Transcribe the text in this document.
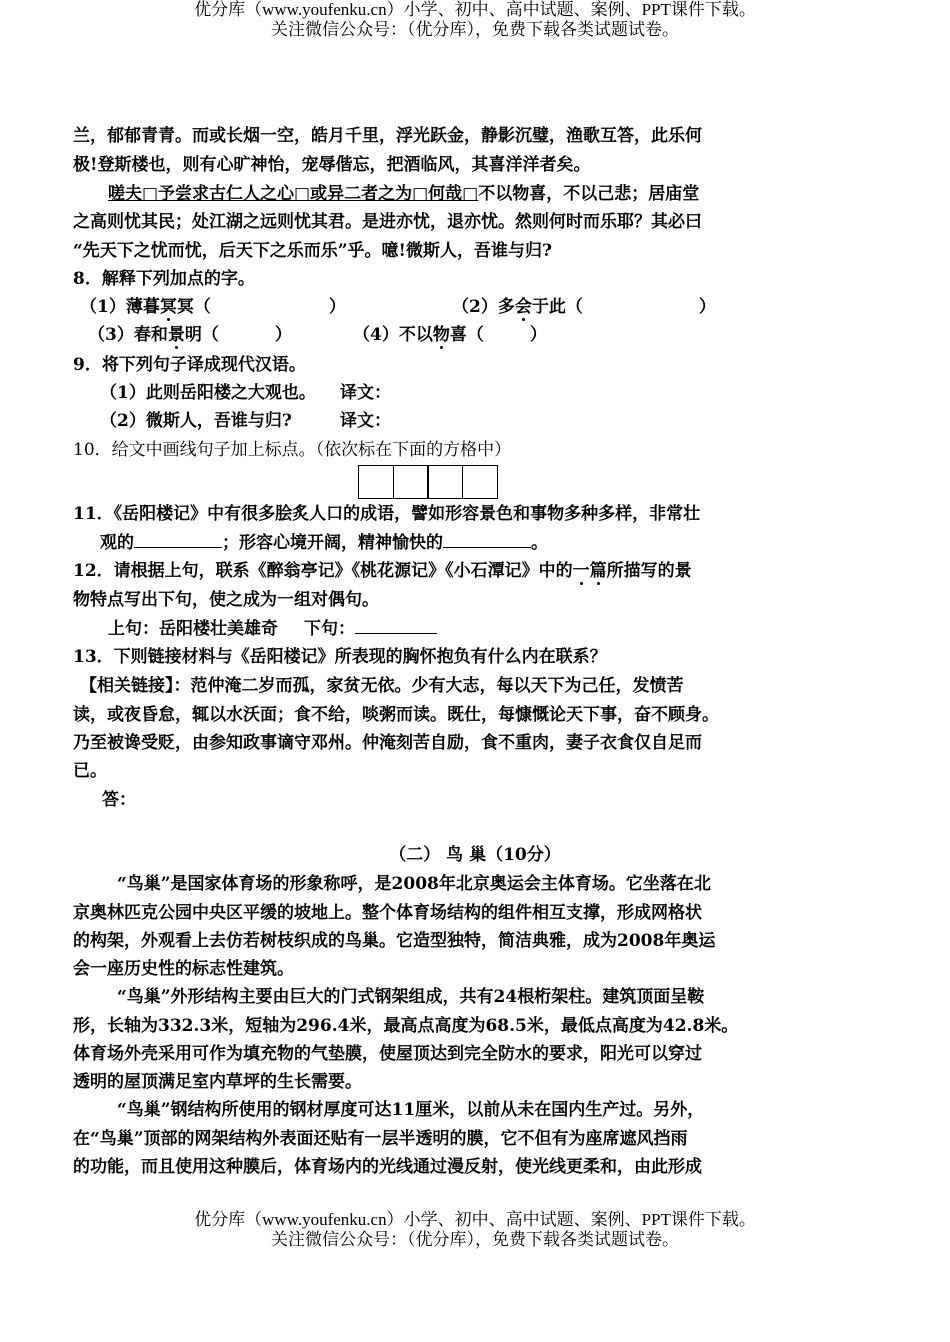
优分库（www.youfenku.cn）小学、初中、高中试题、案例、PPT课件下载。
关注微信公众号：（优分库），免费下载各类试题试卷。
兰，郁郁青青。而或长烟一空，皓月千里，浮光跃金，静影沉璧，渔歌互答，此乐何
极!登斯楼也，则有心旷神怡，宠辱偕忘，把酒临风，其喜洋洋者矣。
嗟夫□予尝求古仁人之心□或异二者之为□何哉□不以物喜，不以己悲；居庙堂
之高则忧其民；处江湖之远则忧其君。是进亦忧，退亦忧。然则何时而乐耶？其必曰
“先天下之忧而忧，后天下之乐而乐”乎。噫!微斯人，吾谁与归?
8．解释下列加点的字。
（1）薄暮冥冥（	）	（2）多会于此（	）
（3）春和景明（	）	（4）不以物喜（	）
9．将下列句子译成现代汉语。
（1）此则岳阳楼之大观也。 译文：
（2）微斯人，吾谁与归?	译文：
10．给文中画线句子加上标点。（依次标在下面的方格中）
11．《岳阳楼记》中有很多脍炙人口的成语，譬如形容景色和事物多种多样，非常壮
观的	；形容心境开阔，精神愉快的	。
12．请根据上句，联系《醉翁亭记》《桃花源记》《小石潭记》中的一篇所描写的景
物特点写出下句，使之成为一组对偶句。
上句：岳阳楼壮美雄奇 下句：
13．下则链接材料与《岳阳楼记》所表现的胸怀抱负有什么内在联系？
【相关链接】：范仲淹二岁而孤，家贫无依。少有大志，每以天下为己任，发愤苦
读，或夜昏怠，辄以水沃面；食不给，啖粥而读。既仕，每慷慨论天下事，奋不顾身。
乃至被谗受贬，由参知政事谪守邓州。仲淹刻苦自励，食不重肉，妻子衣食仅自足而
已。
答：
（二） 鸟 巢（10分）
“鸟巢”是国家体育场的形象称呼，是2008年北京奥运会主体育场。它坐落在北
京奥林匹克公园中央区平缓的坡地上。整个体育场结构的组件相互支撑，形成网格状
的构架，外观看上去仿若树枝织成的鸟巢。它造型独特，简洁典雅，成为2008年奥运
会一座历史性的标志性建筑。
“鸟巢”外形结构主要由巨大的门式钢架组成，共有24根桁架柱。建筑顶面呈鞍
形，长轴为332.3米，短轴为296.4米，最高点高度为68.5米，最低点高度为42.8米。
体育场外壳采用可作为填充物的气垫膜，使屋顶达到完全防水的要求，阳光可以穿过
透明的屋顶满足室内草坪的生长需要。
“鸟巢”钢结构所使用的钢材厚度可达11厘米，以前从未在国内生产过。另外，
在“鸟巢”顶部的网架结构外表面还贴有一层半透明的膜，它不但有为座席遮风挡雨
的功能，而且使用这种膜后，体育场内的光线通过漫反射，使光线更柔和，由此形成
优分库（www.youfenku.cn）小学、初中、高中试题、案例、PPT课件下载。
关注微信公众号：（优分库），免费下载各类试题试卷。
